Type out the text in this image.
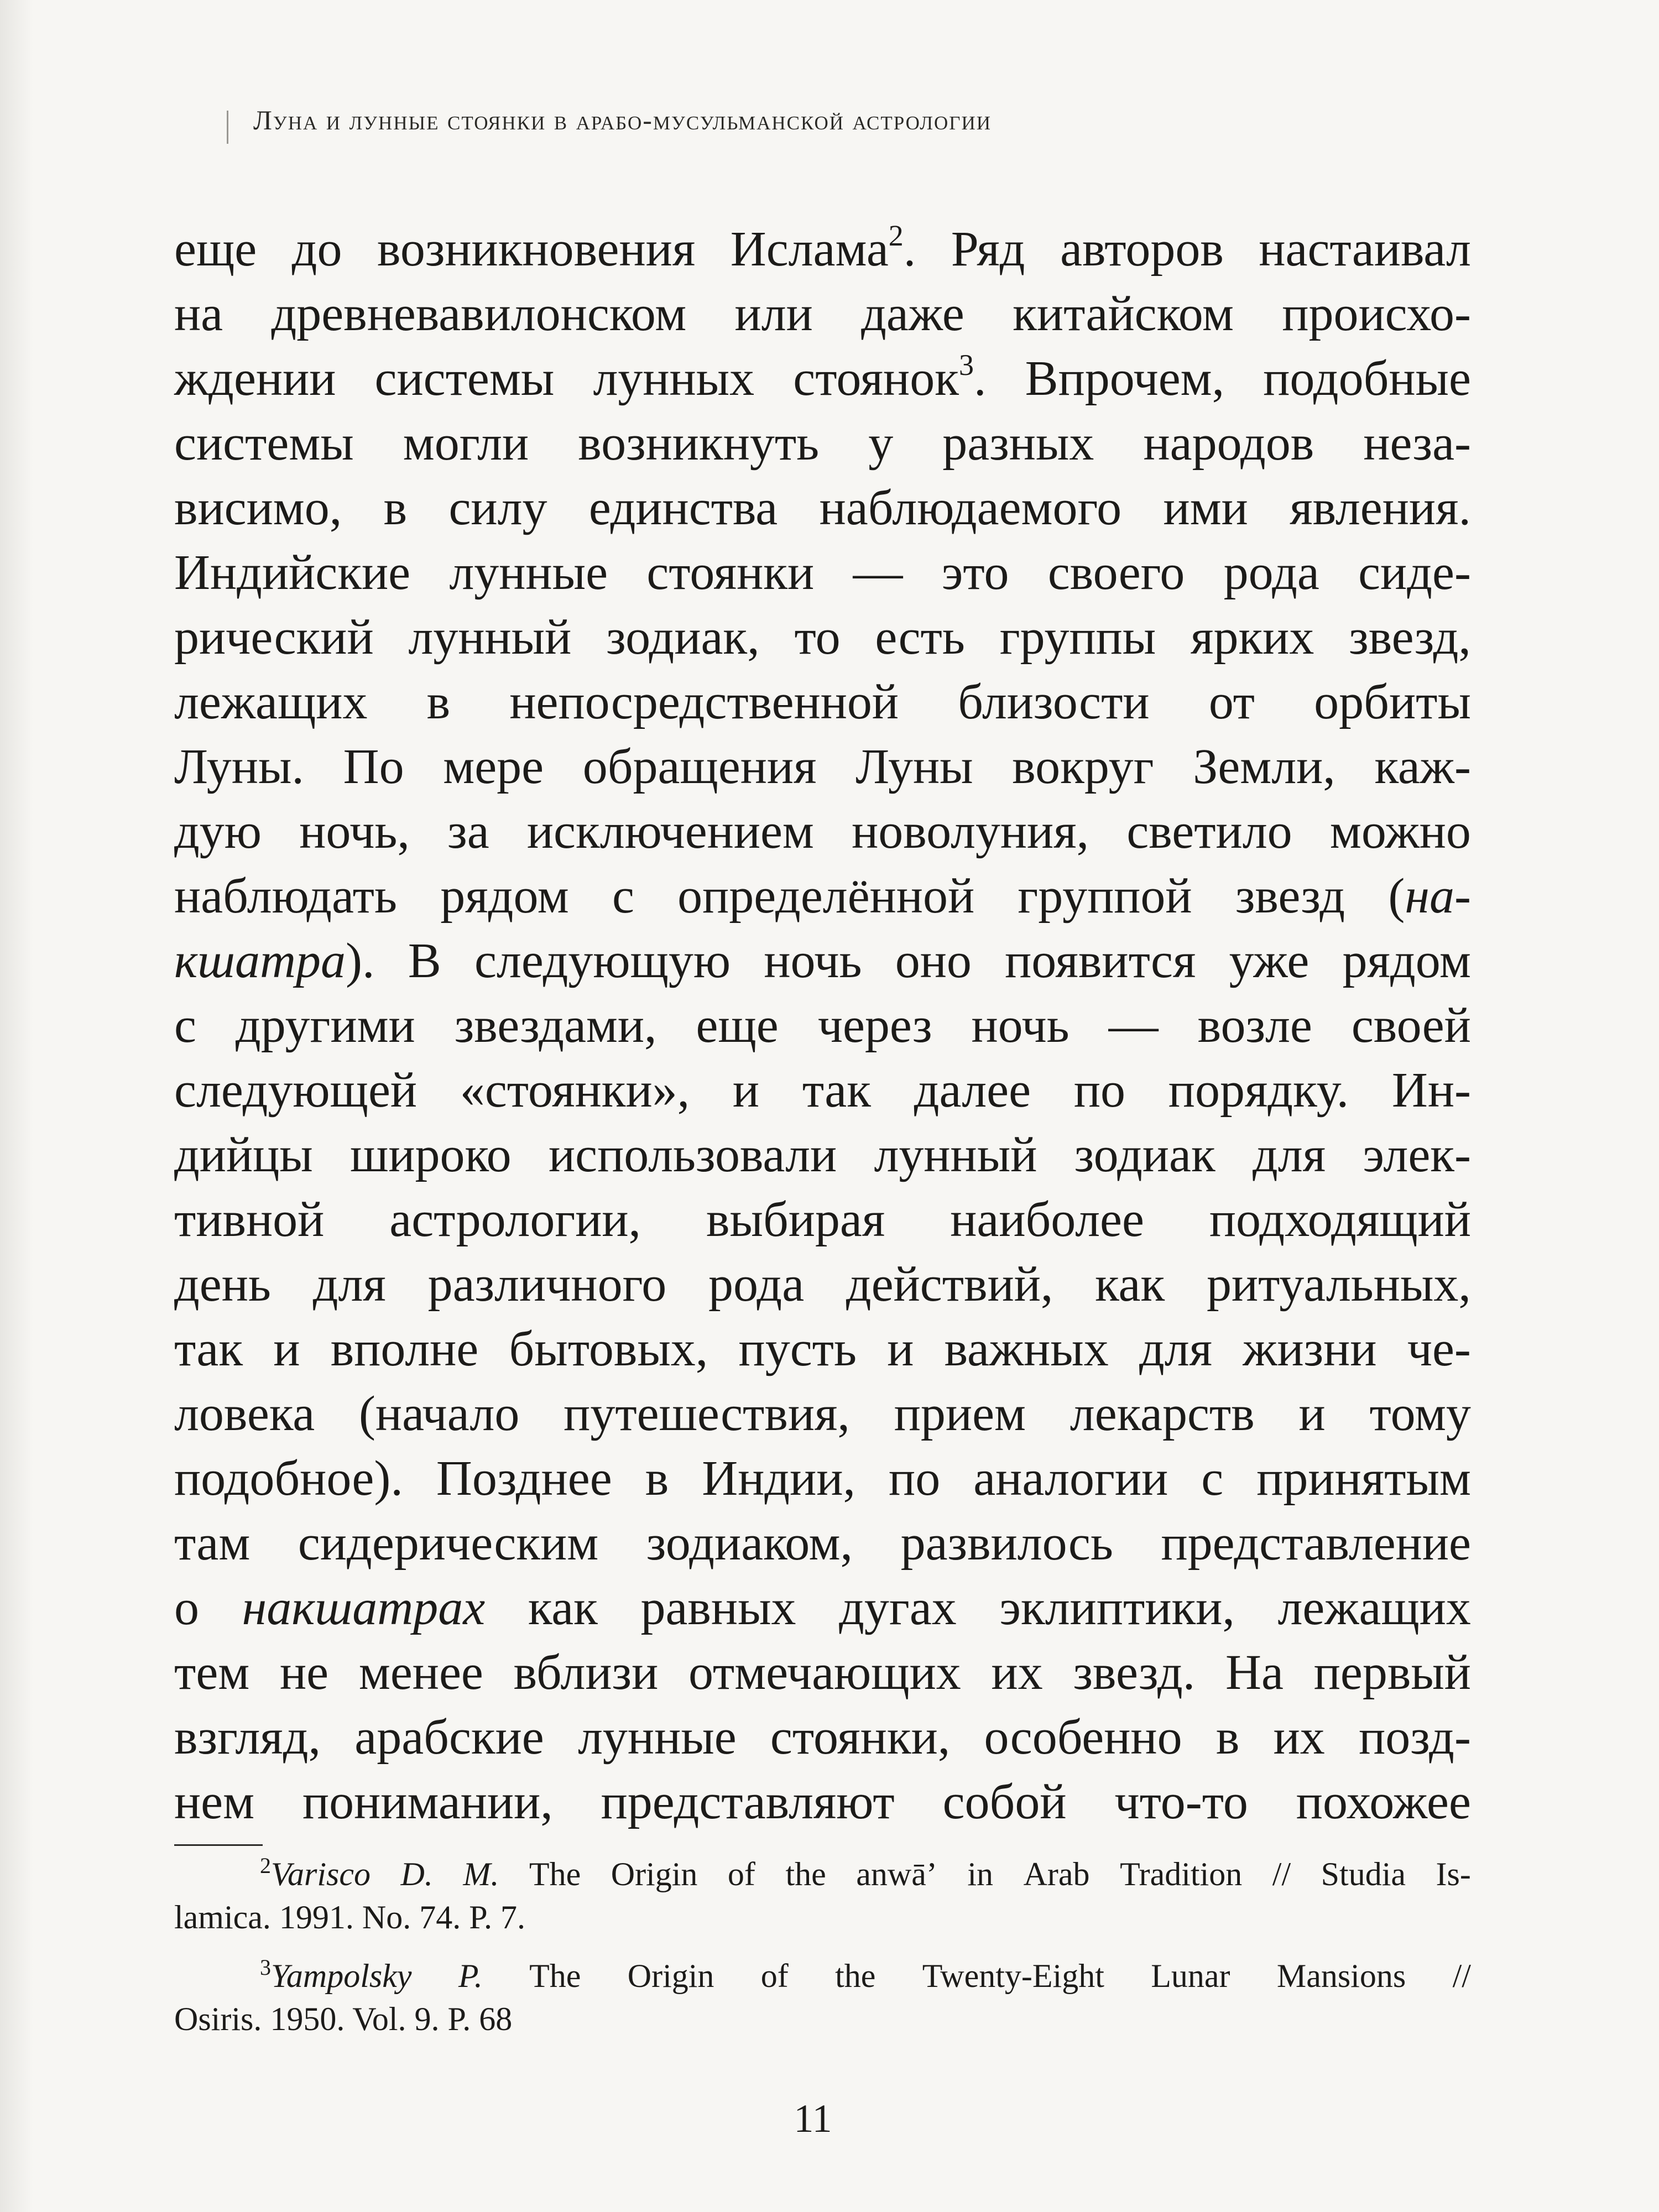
Луна и лунные стоянки в арабо-мусульманской астрологии
еще до возникновения Ислама$^2$. Ряд авторов настаивал
на древневавилонском или даже китайском происхо-
ждении системы лунных стоянок$^3$. Впрочем, подобные
системы могли возникнуть у разных народов неза-
висимо, в силу единства наблюдаемого ими явления.
Индийские лунные стоянки — это своего рода сиде-
рический лунный зодиак, то есть группы ярких звезд,
лежащих в непосредственной близости от орбиты
Луны. По мере обращения Луны вокруг Земли, каж-
дую ночь, за исключением новолуния, светило можно
наблюдать рядом с определённой группой звезд (на-
кшатра). В следующую ночь оно появится уже рядом
с другими звездами, еще через ночь — возле своей
следующей «стоянки», и так далее по порядку. Ин-
дийцы широко использовали лунный зодиак для элек-
тивной астрологии, выбирая наиболее подходящий
день для различного рода действий, как ритуальных,
так и вполне бытовых, пусть и важных для жизни че-
ловека (начало путешествия, прием лекарств и тому
подобное). Позднее в Индии, по аналогии с принятым
там сидерическим зодиаком, развилось представление
о накшатрах как равных дугах эклиптики, лежащих
тем не менее вблизи отмечающих их звезд. На первый
взгляд, арабские лунные стоянки, особенно в их позд-
нем понимании, представляют собой что-то похожее
$^2$Varisco D. M. The Origin of the anwā’ in Arab Tradition // Studia Is-
lamica. 1991. No. 74. P. 7.
$^3$Yampolsky P. The Origin of the Twenty-Eight Lunar Mansions //
Osiris. 1950. Vol. 9. P. 68
11
